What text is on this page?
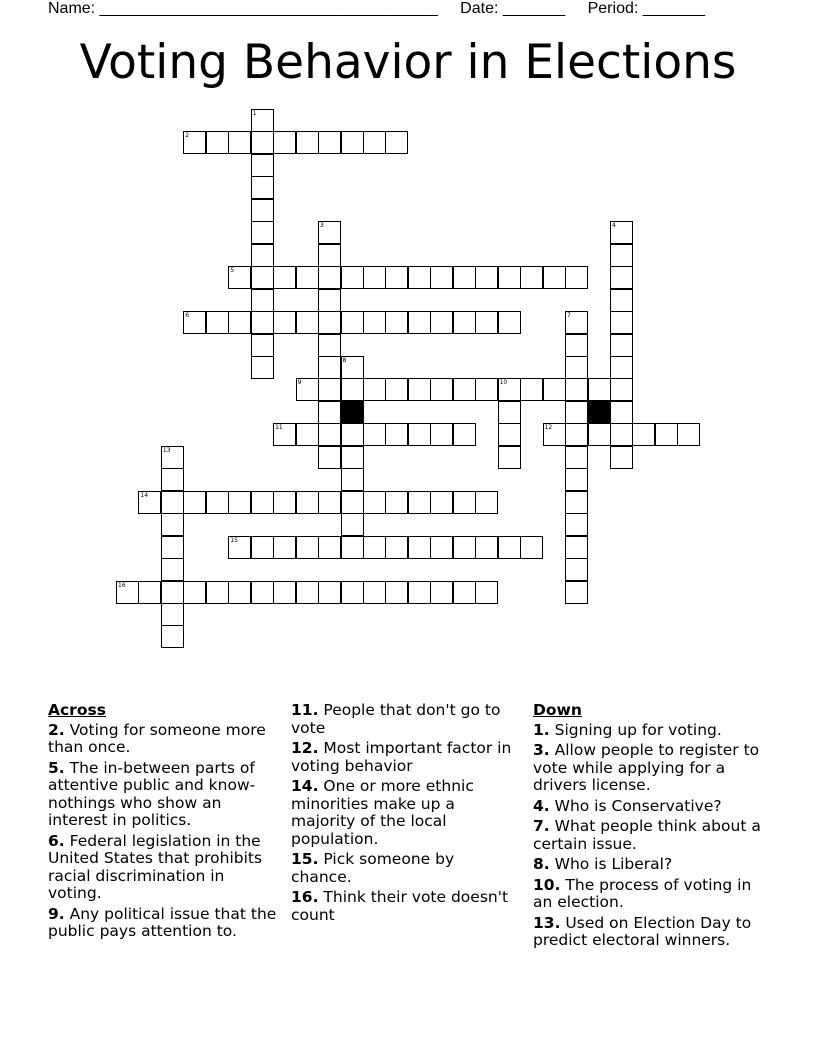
Name: ______________________________________ Date: _______ Period: _______
Voting Behavior in Elections
2
5
6
9	10
11	12
14
15
16
1
3	4
7
8
13
Across
2. Voting for someone more than once.
5. The in-between parts of attentive public and know-nothings who show an interest in politics.
6. Federal legislation in the United States that prohibits racial discrimination in voting.
9. Any political issue that the public pays attention to.
11. People that don't go to vote
12. Most important factor in voting behavior
14. One or more ethnic minorities make up a majority of the local population.
15. Pick someone by chance.
16. Think their vote doesn't count
Down
1. Signing up for voting.
3. Allow people to register to vote while applying for a drivers license.
4. Who is Conservative?
7. What people think about a certain issue.
8. Who is Liberal?
10. The process of voting in an election.
13. Used on Election Day to predict electoral winners.
